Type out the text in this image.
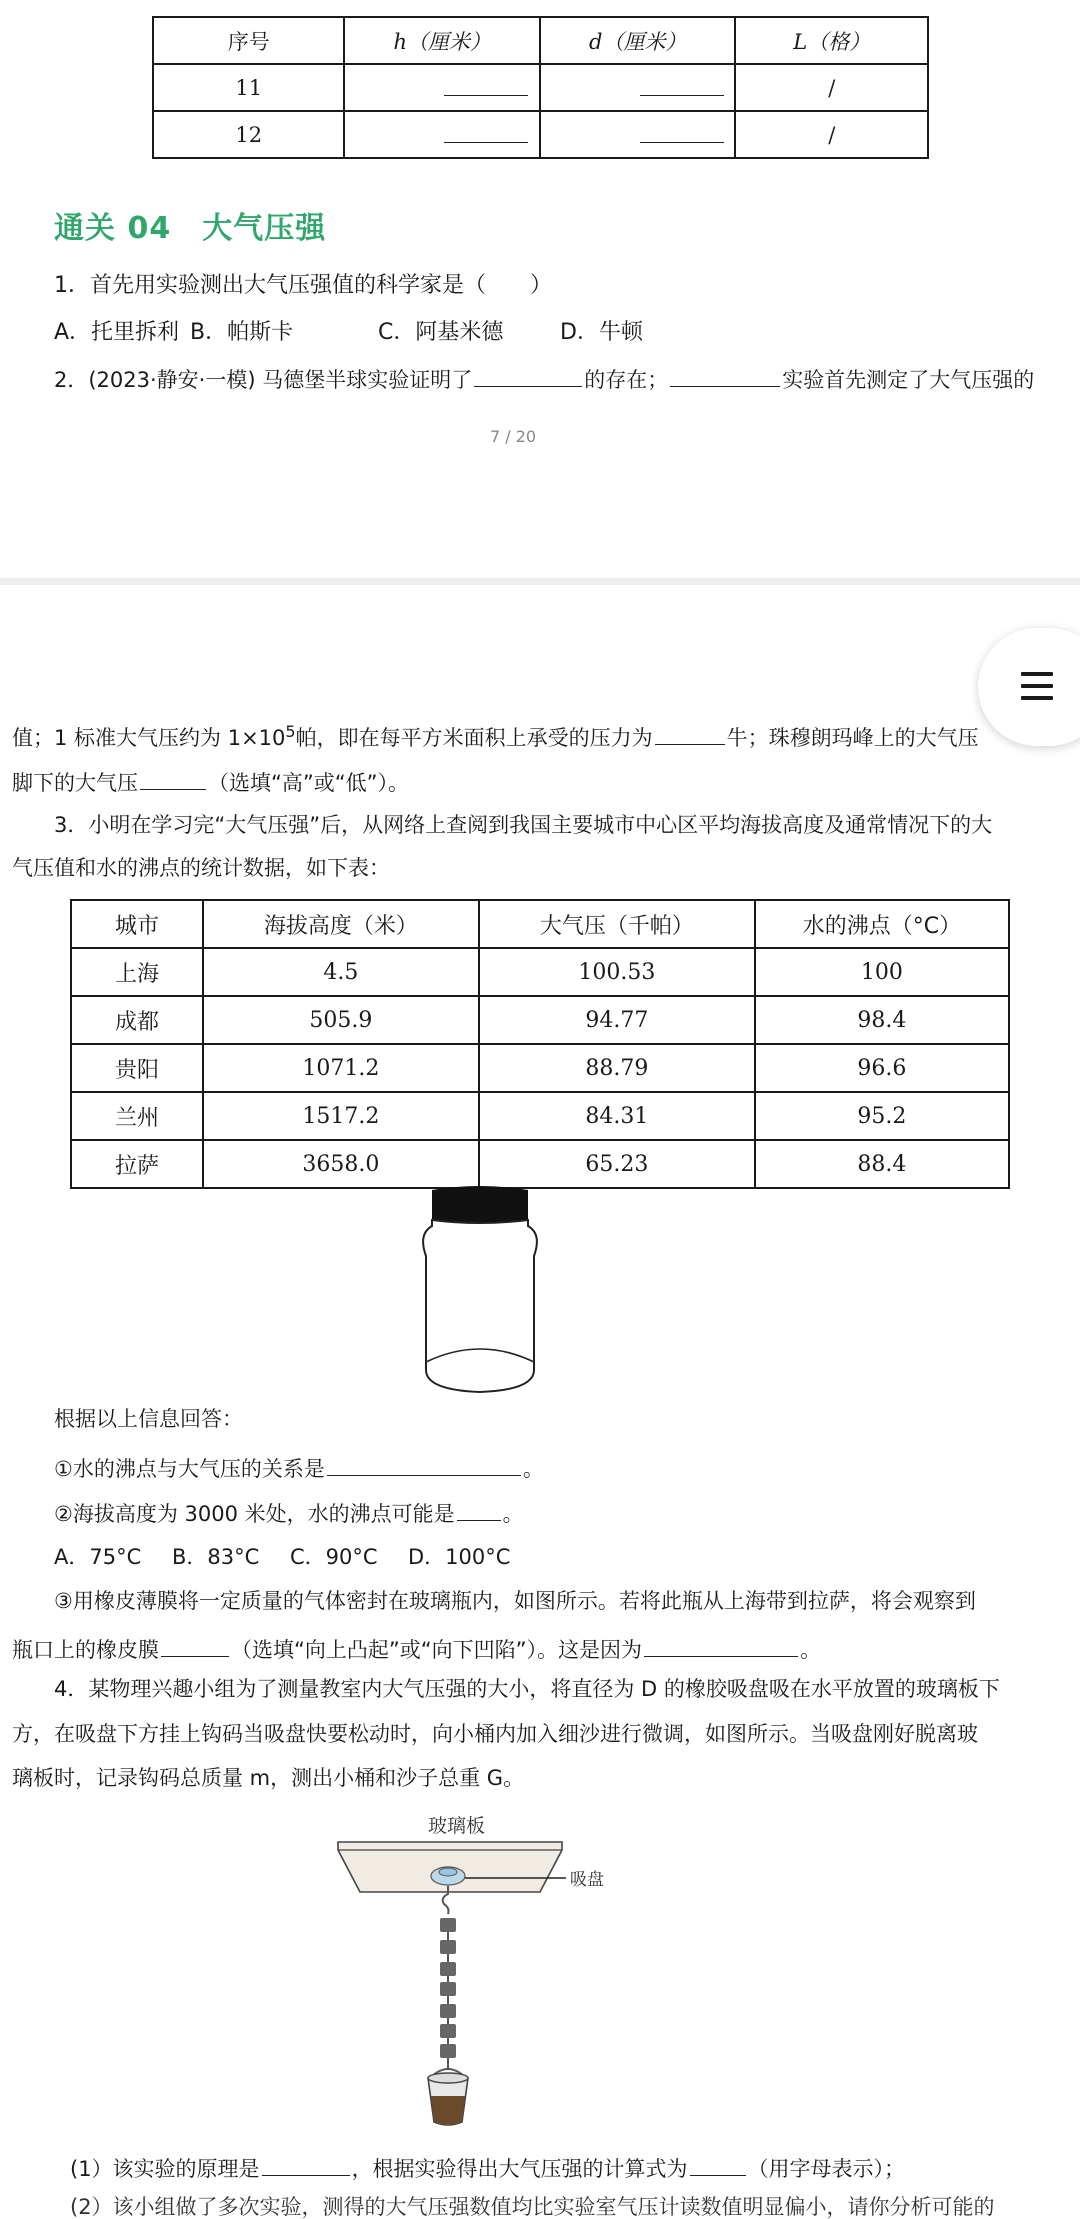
序号	h（厘米）	d（厘米）	L（格）
11			/
12			/
通关 04　大气压强
1．首先用实验测出大气压强值的科学家是（　　）
A．托里拆利 B．帕斯卡	C．阿基米德	D．牛顿
2．(2023·静安·一模) 马德堡半球实验证明了	的存在；	实验首先测定了大气压强的
7 / 20
值；1 标准大气压约为 $1\times 10^5$帕，即在每平方米面积上承受的压力为	牛；珠穆朗玛峰上的大气压
脚下的大气压	（选填“高”或“低”）。
3．小明在学习完“大气压强”后，从网络上查阅到我国主要城市中心区平均海拔高度及通常情况下的大
气压值和水的沸点的统计数据，如下表：
城市	海拔高度（米）	大气压（千帕）	水的沸点（°C）
上海	4.5	100.53	100
成都	505.9	94.77	98.4
贵阳	1071.2	88.79	96.6
兰州	1517.2	84.31	95.2
拉萨	3658.0	65.23	88.4
根据以上信息回答：
①水的沸点与大气压的关系是	。
②海拔高度为 3000 米处，水的沸点可能是 。
A．75°C B．83°C C．90°C D．100°C
③用橡皮薄膜将一定质量的气体密封在玻璃瓶内，如图所示。若将此瓶从上海带到拉萨，将会观察到
瓶口上的橡皮膜	（选填“向上凸起”或“向下凹陷”）。这是因为	。
4．某物理兴趣小组为了测量教室内大气压强的大小，将直径为 D 的橡胶吸盘吸在水平放置的玻璃板下
方，在吸盘下方挂上钩码当吸盘快要松动时，向小桶内加入细沙进行微调，如图所示。当吸盘刚好脱离玻
璃板时，记录钩码总质量 m，测出小桶和沙子总重 G。
玻璃板
吸盘
(1）该实验的原理是	，根据实验得出大气压强的计算式为	（用字母表示）；
(2）该小组做了多次实验，测得的大气压强数值均比实验室气压计读数值明显偏小，请你分析可能的
